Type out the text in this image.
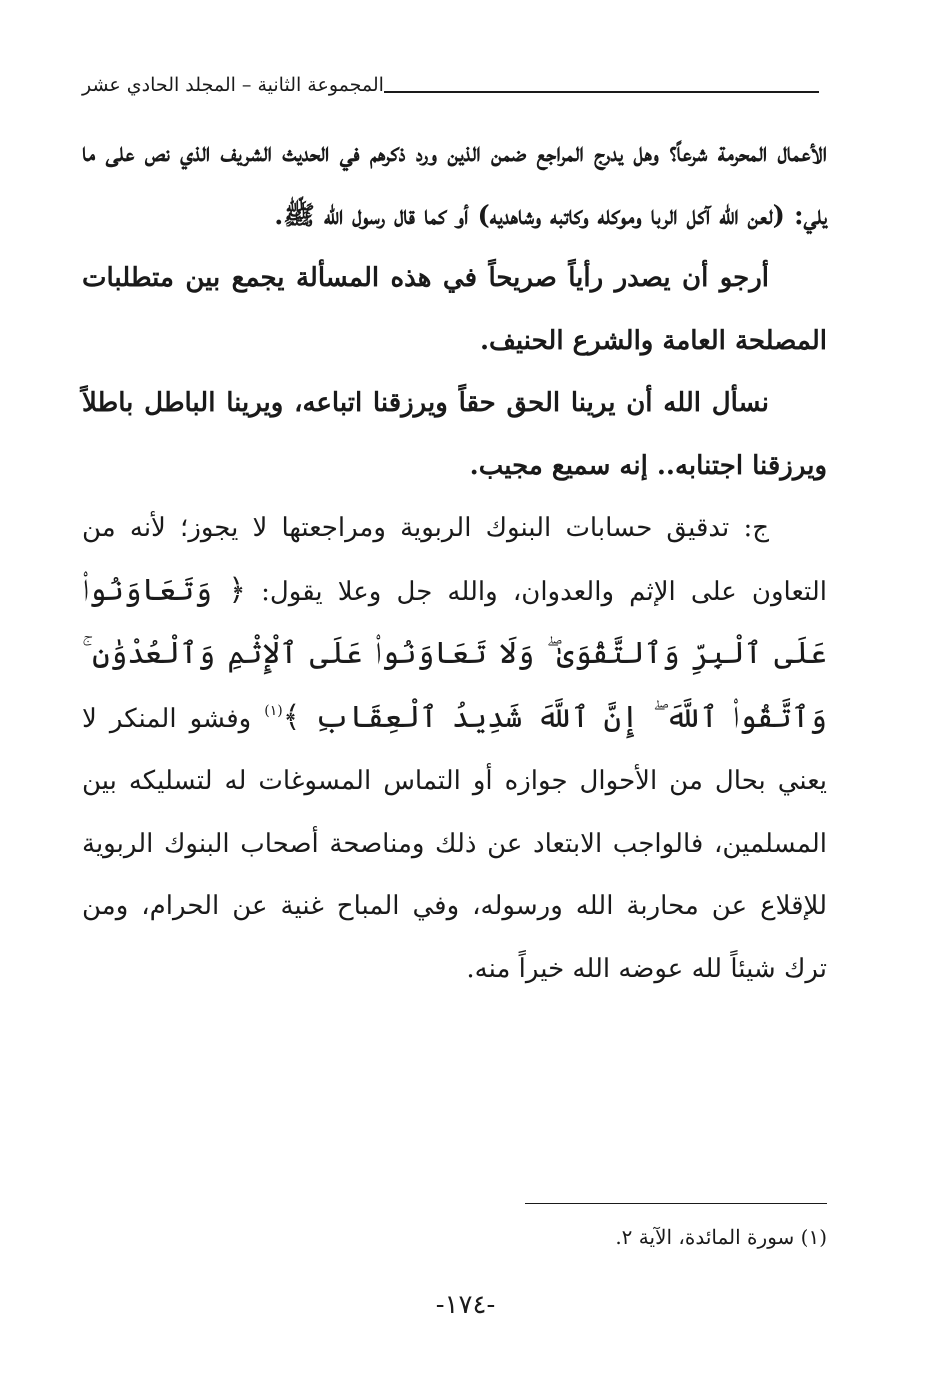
المجموعة الثانية – المجلد الحادي عشر

الأعمال المحرمة شرعاً؟ وهل يدرج المراجع ضمن الذين ورد ذكرهم في الحديث الشريف الذي نص على ما يلي: (لعن الله آكل الربا وموكله وكاتبه وشاهديه) أو كما قال رسول الله ﷺ.

أرجو أن يصدر رأياً صريحاً في هذه المسألة يجمع بين متطلبات المصلحة العامة والشرع الحنيف.

نسأل الله أن يرينا الحق حقاً ويرزقنا اتباعه، ويرينا الباطل باطلاً ويرزقنا اجتنابه.. إنه سميع مجيب.

ج: تدقيق حسابات البنوك الربوية ومراجعتها لا يجوز؛ لأنه من التعاون على الإثم والعدوان، والله جل وعلا يقول: ﴿ وَتَعَاوَنُوا۟ عَلَى ٱلْبِرِّ وَٱلتَّقْوَىٰ ۖ وَلَا تَعَاوَنُوا۟ عَلَى ٱلْإِثْمِ وَٱلْعُدْوَٰنِ ۚ وَٱتَّقُوا۟ ٱللَّهَ ۖ إِنَّ ٱللَّهَ شَدِيدُ ٱلْعِقَابِ ﴾$^{(١)}$ وفشو المنكر لا يعني بحال من الأحوال جوازه أو التماس المسوغات له لتسليكه بين المسلمين، فالواجب الابتعاد عن ذلك ومناصحة أصحاب البنوك الربوية للإقلاع عن محاربة الله ورسوله، وفي المباح غنية عن الحرام، ومن ترك شيئاً لله عوضه الله خيراً منه.

(١) سورة المائدة، الآية ٢.
-١٧٤-
